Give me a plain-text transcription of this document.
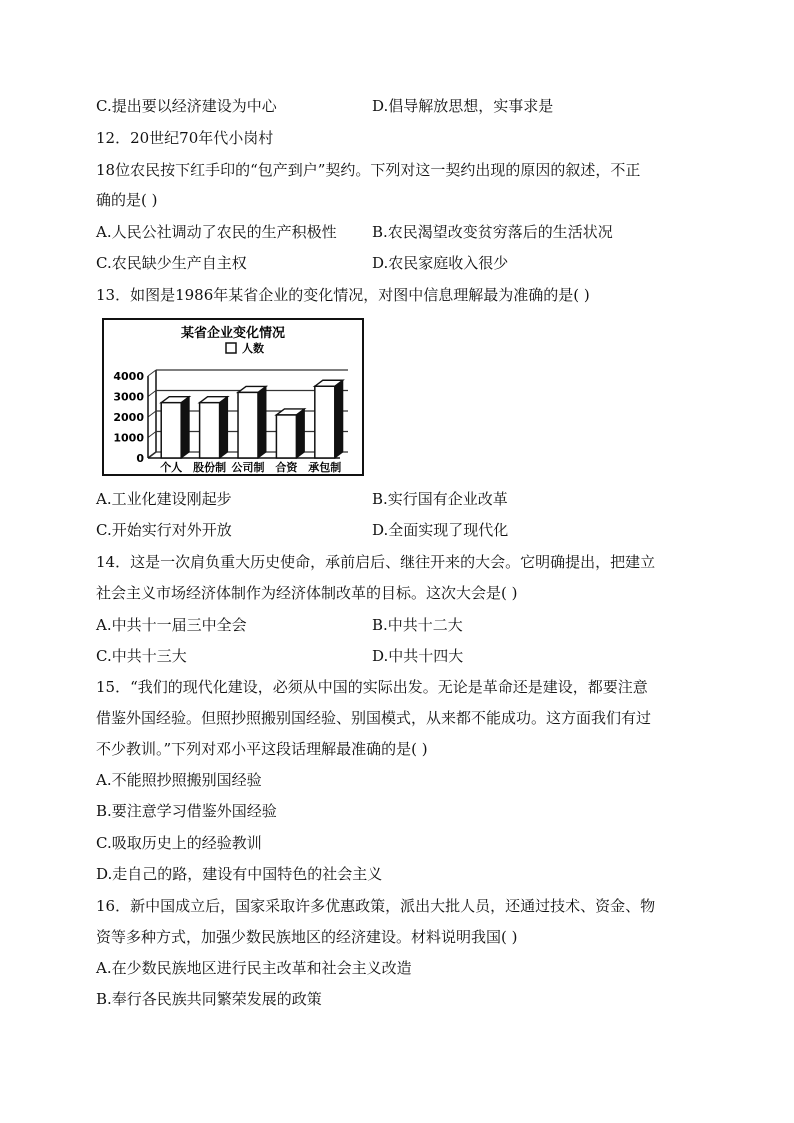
C.提出要以经济建设为中心	D.倡导解放思想，实事求是
12．20世纪70年代小岗村
18位农民按下红手印的“包产到户”契约。下列对这一契约出现的原因的叙述，不正
确的是( )
A.人民公社调动了农民的生产积极性 B.农民渴望改变贫穷落后的生活状况
C.农民缺少生产自主权	D.农民家庭收入很少
13．如图是1986年某省企业的变化情况，对图中信息理解最为准确的是( )
某省企业变化情况
人数
0
1000
2000
3000
4000
个人 股份制 公司制 合资 承包制
A.工业化建设刚起步	B.实行国有企业改革
C.开始实行对外开放	D.全面实现了现代化
14．这是一次肩负重大历史使命，承前启后、继往开来的大会。它明确提出，把建立
社会主义市场经济体制作为经济体制改革的目标。这次大会是( )
A.中共十一届三中全会	B.中共十二大
C.中共十三大	D.中共十四大
15．“我们的现代化建设，必须从中国的实际出发。无论是革命还是建设，都要注意
借鉴外国经验。但照抄照搬别国经验、别国模式，从来都不能成功。这方面我们有过
不少教训。”下列对邓小平这段话理解最准确的是( )
A.不能照抄照搬别国经验
B.要注意学习借鉴外国经验
C.吸取历史上的经验教训
D.走自己的路，建设有中国特色的社会主义
16．新中国成立后，国家采取许多优惠政策，派出大批人员，还通过技术、资金、物
资等多种方式，加强少数民族地区的经济建设。材料说明我国( )
A.在少数民族地区进行民主改革和社会主义改造
B.奉行各民族共同繁荣发展的政策
